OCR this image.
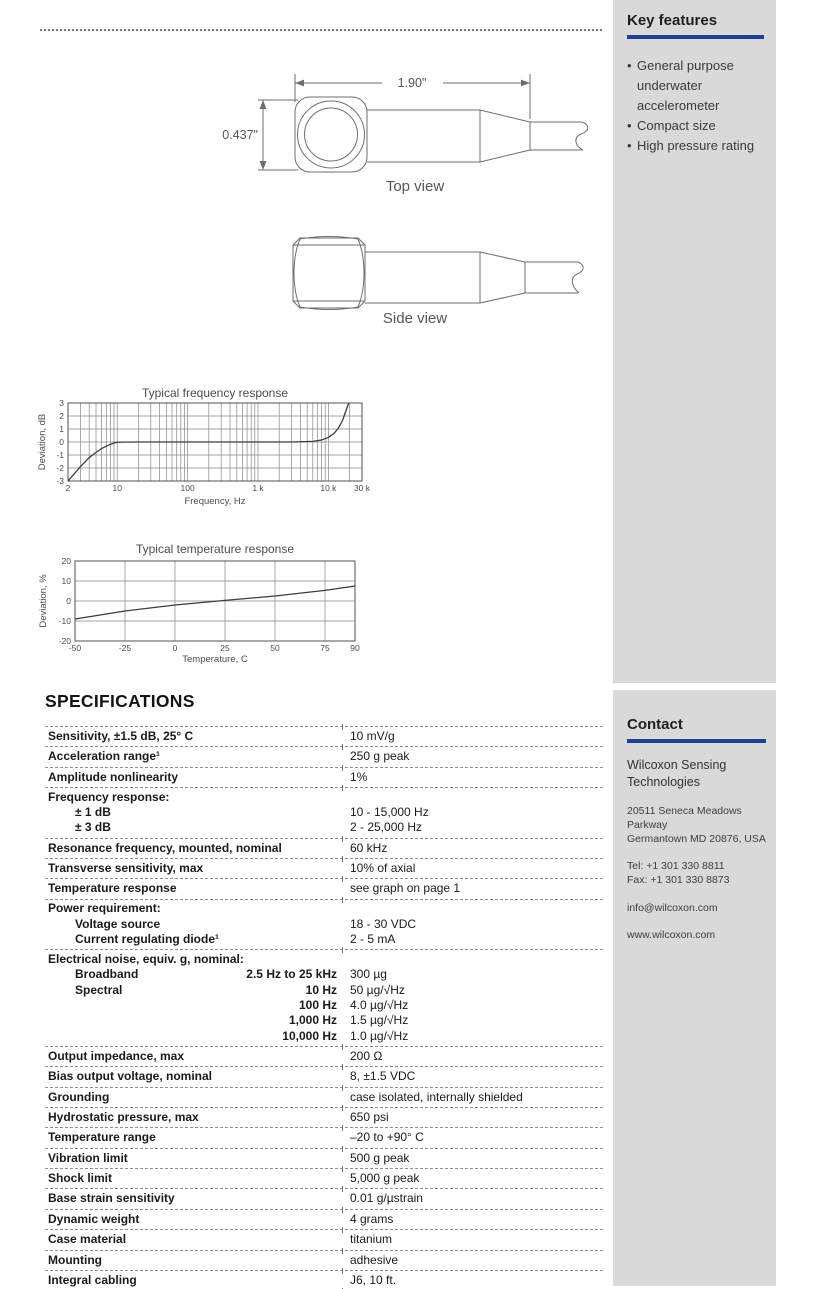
Key features
• General purpose underwater accelerometer
• Compact size
• High pressure rating
1.90"
0.437"
Top view
Side view
2	10	100	1 k	10 k 30 k
3
2
1
0
-1
-2
-3
Typical frequency response
Frequency, Hz
Deviation, dB
-50	-25	0	25	50	75 90
20
10
0
-10
-20
Typical temperature response
Temperature, C
Deviation, %
SPECIFICATIONS
Sensitivity, ±1.5 dB, 25° C	10 mV/g
Acceleration range¹	250 g peak
Amplitude nonlinearity	1%
Frequency response:
± 1 dB	10 - 15,000 Hz
± 3 dB	2 - 25,000 Hz
Resonance frequency, mounted, nominal	60 kHz
Transverse sensitivity, max	10% of axial
Temperature response	see graph on page 1
Power requirement:
Voltage source	18 - 30 VDC
Current regulating diode¹	2 - 5 mA
Electrical noise, equiv. g, nominal:
Broadband	2.5 Hz to 25 kHz	300 µg
Spectral	10 Hz	50 µg/√Hz
100 Hz	4.0 µg/√Hz
1,000 Hz	1.5 µg/√Hz
10,000 Hz	1.0 µg/√Hz
Output impedance, max	200 Ω
Bias output voltage, nominal	8, ±1.5 VDC
Grounding	case isolated, internally shielded
Hydrostatic pressure, max	650 psi
Temperature range	–20 to +90° C
Vibration limit	500 g peak
Shock limit	5,000 g peak
Base strain sensitivity	0.01 g/µstrain
Dynamic weight	4 grams
Case material	titanium
Mounting	adhesive
Integral cabling	J6, 10 ft.
Contact
Wilcoxon Sensing Technologies
20511 Seneca Meadows Parkway
Germantown MD 20876, USA
Tel: +1 301 330 8811
Fax: +1 301 330 8873
info@wilcoxon.com
www.wilcoxon.com
